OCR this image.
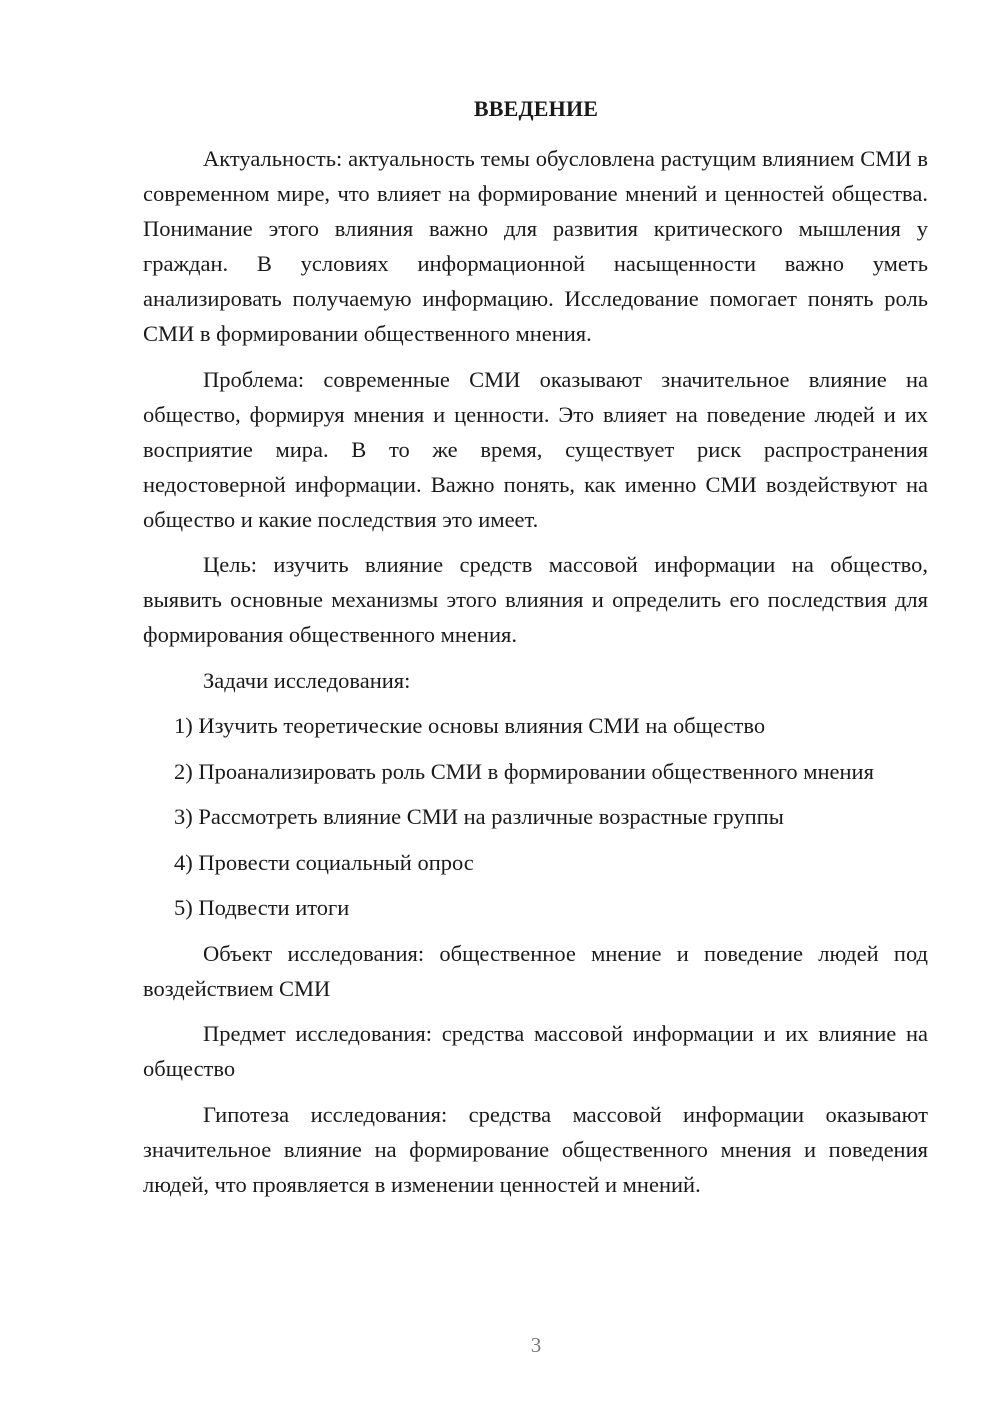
ВВЕДЕНИЕ

Актуальность: актуальность темы обусловлена растущим влиянием СМИ в современном мире, что влияет на формирование мнений и ценностей общества. Понимание этого влияния важно для развития критического мышления у граждан. В условиях информационной насыщенности важно уметь анализировать получаемую информацию. Исследование помогает понять роль СМИ в формировании общественного мнения.

Проблема: современные СМИ оказывают значительное влияние на общество, формируя мнения и ценности. Это влияет на поведение людей и их восприятие мира. В то же время, существует риск распространения недостоверной информации. Важно понять, как именно СМИ воздействуют на общество и какие последствия это имеет.

Цель: изучить влияние средств массовой информации на общество, выявить основные механизмы этого влияния и определить его последствия для формирования общественного мнения.

Задачи исследования:

1) Изучить теоретические основы влияния СМИ на общество

2) Проанализировать роль СМИ в формировании общественного мнения

3) Рассмотреть влияние СМИ на различные возрастные группы

4) Провести социальный опрос

5) Подвести итоги

Объект исследования: общественное мнение и поведение людей под воздействием СМИ

Предмет исследования: средства массовой информации и их влияние на общество

Гипотеза исследования: средства массовой информации оказывают значительное влияние на формирование общественного мнения и поведения людей, что проявляется в изменении ценностей и мнений.

3
